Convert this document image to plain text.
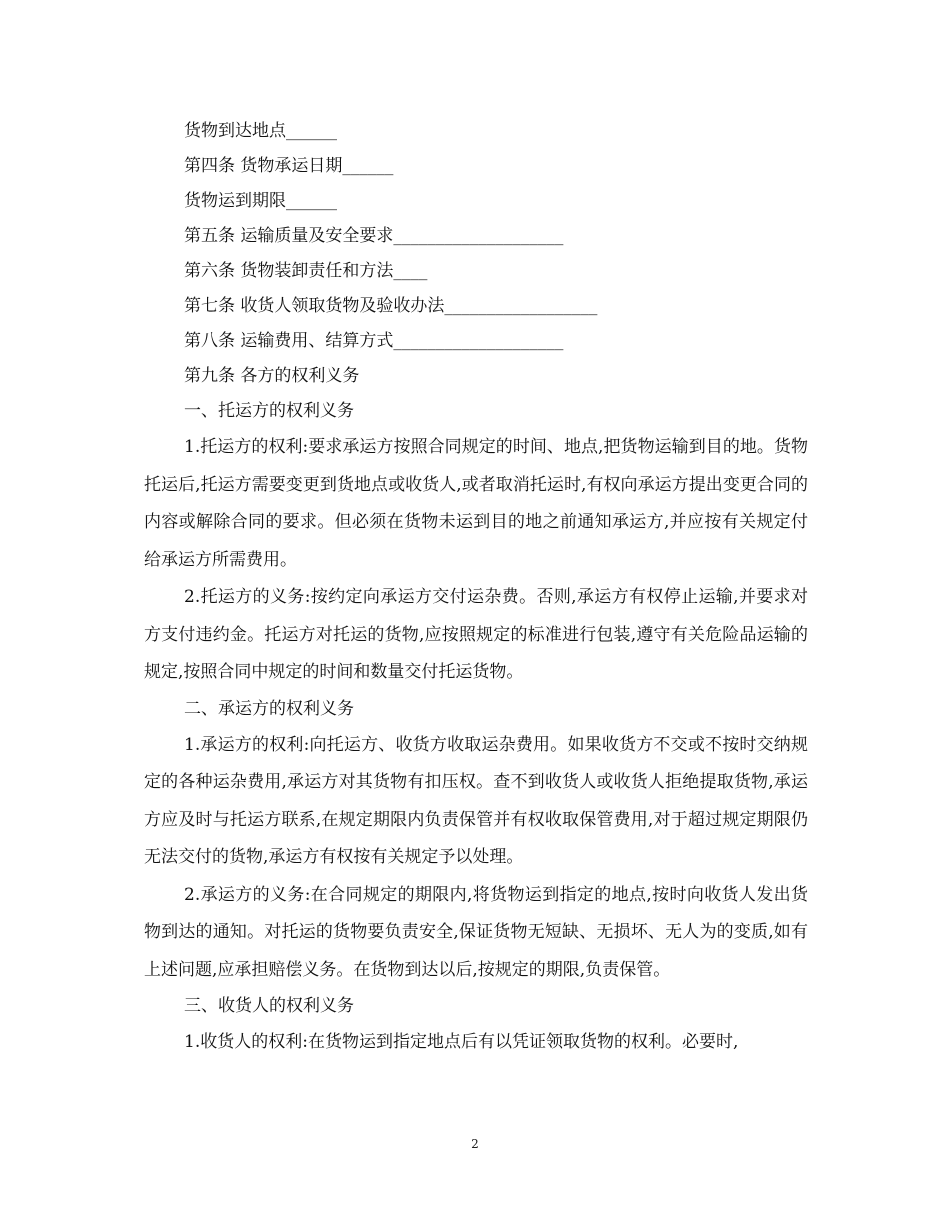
货物到达地点______
第四条 货物承运日期______
货物运到期限______
第五条 运输质量及安全要求____________________
第六条 货物装卸责任和方法____
第七条 收货人领取货物及验收办法__________________
第八条 运输费用、结算方式____________________
第九条 各方的权利义务
一、托运方的权利义务

1.托运方的权利:要求承运方按照合同规定的时间、地点,把货物运输到目的地。货物托运后,托运方需要变更到货地点或收货人,或者取消托运时,有权向承运方提出变更合同的内容或解除合同的要求。但必须在货物未运到目的地之前通知承运方,并应按有关规定付给承运方所需费用。

2.托运方的义务:按约定向承运方交付运杂费。否则,承运方有权停止运输,并要求对方支付违约金。托运方对托运的货物,应按照规定的标准进行包装,遵守有关危险品运输的规定,按照合同中规定的时间和数量交付托运货物。

二、承运方的权利义务

1.承运方的权利:向托运方、收货方收取运杂费用。如果收货方不交或不按时交纳规定的各种运杂费用,承运方对其货物有扣压权。查不到收货人或收货人拒绝提取货物,承运方应及时与托运方联系,在规定期限内负责保管并有权收取保管费用,对于超过规定期限仍无法交付的货物,承运方有权按有关规定予以处理。

2.承运方的义务:在合同规定的期限内,将货物运到指定的地点,按时向收货人发出货物到达的通知。对托运的货物要负责安全,保证货物无短缺、无损坏、无人为的变质,如有上述问题,应承担赔偿义务。在货物到达以后,按规定的期限,负责保管。

三、收货人的权利义务

1.收货人的权利:在货物运到指定地点后有以凭证领取货物的权利。必要时,

2
